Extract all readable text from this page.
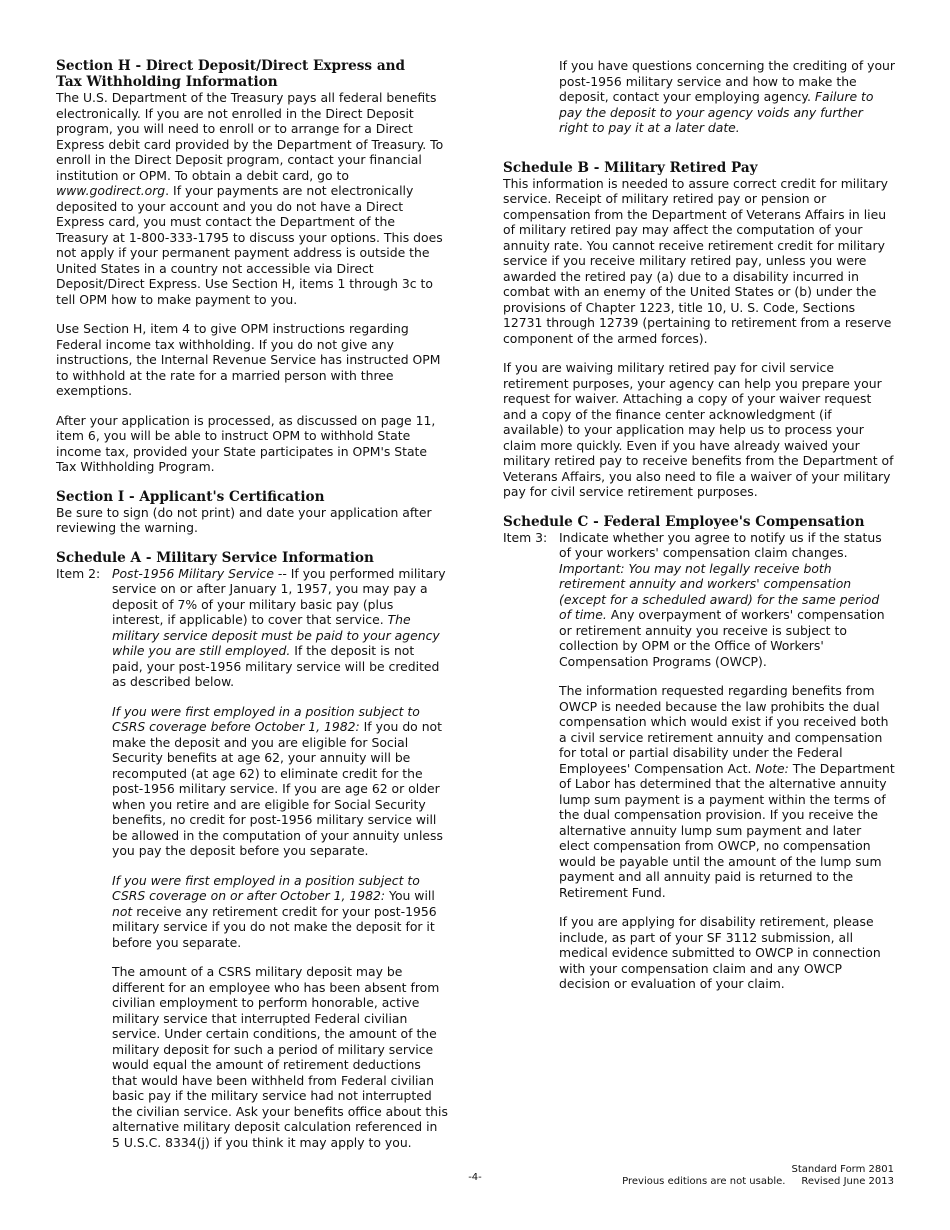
Section H - Direct Deposit/Direct Express and
Tax Withholding Information

The U.S. Department of the Treasury pays all federal benefits electronically. If you are not enrolled in the Direct Deposit program, you will need to enroll or to arrange for a Direct Express debit card provided by the Department of Treasury. To enroll in the Direct Deposit program, contact your financial institution or OPM. To obtain a debit card, go to www.godirect.org. If your payments are not electronically deposited to your account and you do not have a Direct Express card, you must contact the Department of the Treasury at 1-800-333-1795 to discuss your options. This does not apply if your permanent payment address is outside the United States in a country not accessible via Direct Deposit/Direct Express. Use Section H, items 1 through 3c to tell OPM how to make payment to you.

Use Section H, item 4 to give OPM instructions regarding Federal income tax withholding. If you do not give any instructions, the Internal Revenue Service has instructed OPM to withhold at the rate for a married person with three exemptions.

After your application is processed, as discussed on page 11, item 6, you will be able to instruct OPM to withhold State income tax, provided your State participates in OPM's State Tax Withholding Program.

Section I - Applicant's Certification

Be sure to sign (do not print) and date your application after reviewing the warning.

Schedule A - Military Service Information
Item 2: Post-1956 Military Service -- If you performed military service on or after January 1, 1957, you may pay a deposit of 7% of your military basic pay (plus interest, if applicable) to cover that service. The military service deposit must be paid to your agency while you are still employed. If the deposit is not paid, your post-1956 military service will be credited as described below.

If you were first employed in a position subject to CSRS coverage before October 1, 1982: If you do not make the deposit and you are eligible for Social Security benefits at age 62, your annuity will be recomputed (at age 62) to eliminate credit for the post-1956 military service. If you are age 62 or older when you retire and are eligible for Social Security benefits, no credit for post-1956 military service will be allowed in the computation of your annuity unless you pay the deposit before you separate.

If you were first employed in a position subject to CSRS coverage on or after October 1, 1982: You will not receive any retirement credit for your post-1956 military service if you do not make the deposit for it before you separate.

The amount of a CSRS military deposit may be different for an employee who has been absent from civilian employment to perform honorable, active military service that interrupted Federal civilian service. Under certain conditions, the amount of the military deposit for such a period of military service would equal the amount of retirement deductions that would have been withheld from Federal civilian basic pay if the military service had not interrupted the civilian service. Ask your benefits office about this alternative military deposit calculation referenced in 5 U.S.C. 8334(j) if you think it may apply to you.

If you have questions concerning the crediting of your post-1956 military service and how to make the deposit, contact your employing agency. Failure to pay the deposit to your agency voids any further right to pay it at a later date.

Schedule B - Military Retired Pay

This information is needed to assure correct credit for military service. Receipt of military retired pay or pension or compensation from the Department of Veterans Affairs in lieu of military retired pay may affect the computation of your annuity rate. You cannot receive retirement credit for military service if you receive military retired pay, unless you were awarded the retired pay (a) due to a disability incurred in combat with an enemy of the United States or (b) under the provisions of Chapter 1223, title 10, U. S. Code, Sections 12731 through 12739 (pertaining to retirement from a reserve component of the armed forces).

If you are waiving military retired pay for civil service retirement purposes, your agency can help you prepare your request for waiver. Attaching a copy of your waiver request and a copy of the finance center acknowledgment (if available) to your application may help us to process your claim more quickly. Even if you have already waived your military retired pay to receive benefits from the Department of Veterans Affairs, you also need to file a waiver of your military pay for civil service retirement purposes.

Schedule C - Federal Employee's Compensation
Item 3: Indicate whether you agree to notify us if the status of your workers' compensation claim changes. Important: You may not legally receive both retirement annuity and workers' compensation (except for a scheduled award) for the same period of time. Any overpayment of workers' compensation or retirement annuity you receive is subject to collection by OPM or the Office of Workers' Compensation Programs (OWCP).

The information requested regarding benefits from OWCP is needed because the law prohibits the dual compensation which would exist if you received both a civil service retirement annuity and compensation for total or partial disability under the Federal Employees' Compensation Act. Note: The Department of Labor has determined that the alternative annuity lump sum payment is a payment within the terms of the dual compensation provision. If you receive the alternative annuity lump sum payment and later elect compensation from OWCP, no compensation would be payable until the amount of the lump sum payment and all annuity paid is returned to the Retirement Fund.

If you are applying for disability retirement, please include, as part of your SF 3112 submission, all medical evidence submitted to OWCP in connection with your compensation claim and any OWCP decision or evaluation of your claim.

-4-
Standard Form 2801
Previous editions are not usable. Revised June 2013
